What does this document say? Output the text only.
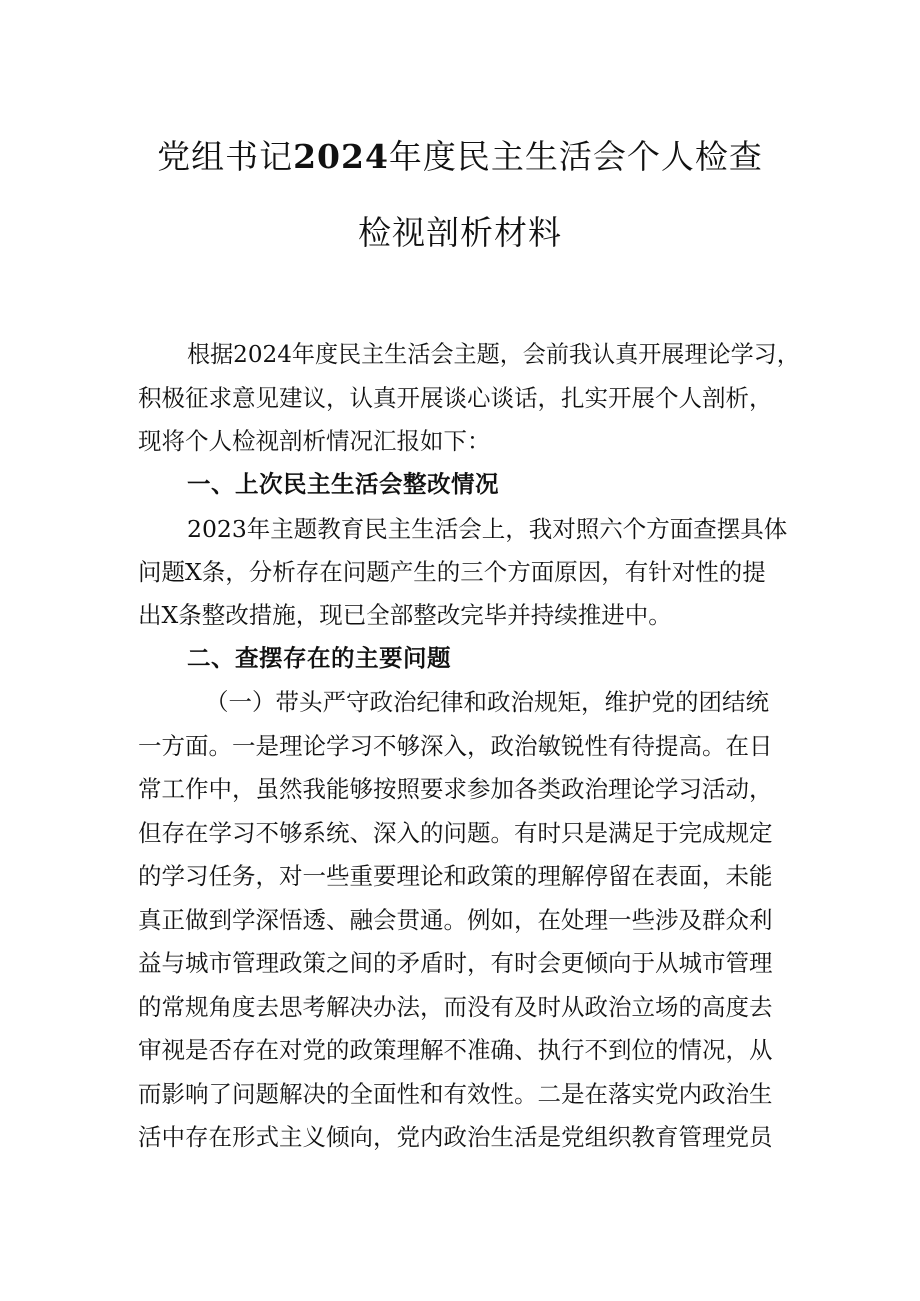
党组书记2024年度民主生活会个人检查
检视剖析材料
根据2024年度民主生活会主题，会前我认真开展理论学习，
积极征求意见建议，认真开展谈心谈话，扎实开展个人剖析，
现将个人检视剖析情况汇报如下：
一、上次民主生活会整改情况
2023年主题教育民主生活会上，我对照六个方面查摆具体
问题X条，分析存在问题产生的三个方面原因，有针对性的提
出X条整改措施，现已全部整改完毕并持续推进中。
二、查摆存在的主要问题
（一）带头严守政治纪律和政治规矩，维护党的团结统
一方面。一是理论学习不够深入，政治敏锐性有待提高。在日
常工作中，虽然我能够按照要求参加各类政治理论学习活动，
但存在学习不够系统、深入的问题。有时只是满足于完成规定
的学习任务，对一些重要理论和政策的理解停留在表面，未能
真正做到学深悟透、融会贯通。例如，在处理一些涉及群众利
益与城市管理政策之间的矛盾时，有时会更倾向于从城市管理
的常规角度去思考解决办法，而没有及时从政治立场的高度去
审视是否存在对党的政策理解不准确、执行不到位的情况，从
而影响了问题解决的全面性和有效性。二是在落实党内政治生
活中存在形式主义倾向，党内政治生活是党组织教育管理党员
